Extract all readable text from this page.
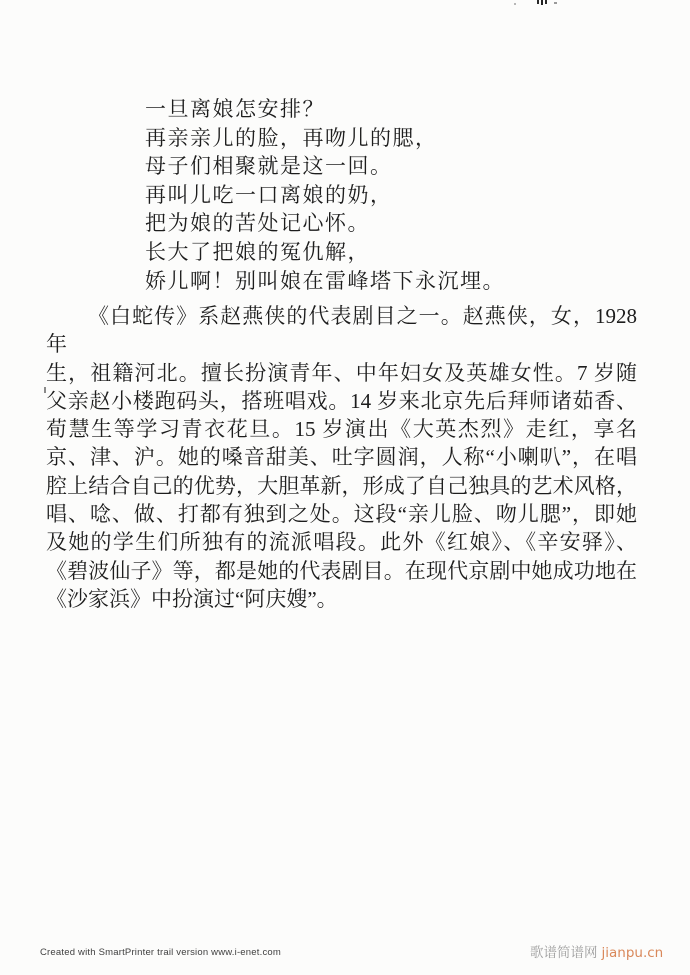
一旦离娘怎安排？
再亲亲儿的脸，再吻儿的腮，
母子们相聚就是这一回。
再叫儿吃一口离娘的奶，
把为娘的苦处记心怀。
长大了把娘的冤仇解，
娇儿啊！别叫娘在雷峰塔下永沉埋。
《白蛇传》系赵燕侠的代表剧目之一。赵燕侠，女，1928 年
生，祖籍河北。擅长扮演青年、中年妇女及英雄女性。7 岁随
父亲赵小楼跑码头，搭班唱戏。14 岁来北京先后拜师诸茹香、
荀慧生等学习青衣花旦。15 岁演出《大英杰烈》走红，享名
京、津、沪。她的嗓音甜美、吐字圆润，人称“小喇叭”，在唱
腔上结合自己的优势，大胆革新，形成了自己独具的艺术风格，
唱、唸、做、打都有独到之处。这段“亲儿脸、吻儿腮”，即她
及她的学生们所独有的流派唱段。此外《红娘》、《辛安驿》、
《碧波仙子》等，都是她的代表剧目。在现代京剧中她成功地在
《沙家浜》中扮演过“阿庆嫂”。
Created with SmartPrinter trail version www.i-enet.com	歌谱简谱网 jianpu.cn
